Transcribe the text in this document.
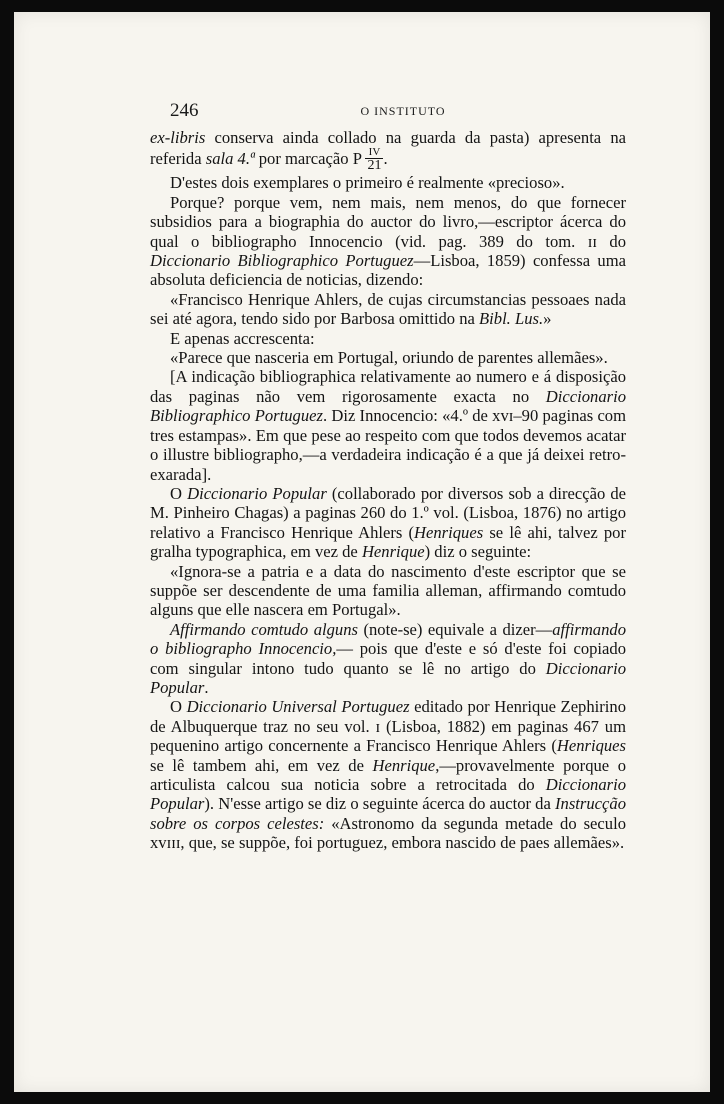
246	O INSTITUTO

ex-libris conserva ainda collado na guarda da pasta) apresenta na referida sala 4.ª por marcação P $\frac{IV}{21}$ .

D'estes dois exemplares o primeiro é realmente «precioso».

Porque? porque vem, nem mais, nem menos, do que fornecer subsidios para a biographia do auctor do livro,—escriptor ácerca do qual o bibliographo Innocencio (vid. pag. 389 do tom. ɪɪ do Diccionario Bibliographico Portuguez—Lisboa, 1859) confessa uma absoluta deficiencia de noticias, dizendo:

«Francisco Henrique Ahlers, de cujas circumstancias pessoaes nada sei até agora, tendo sido por Barbosa omittido na Bibl. Lus.»

E apenas accrescenta:

«Parece que nasceria em Portugal, oriundo de parentes allemães».

[A indicação bibliographica relativamente ao numero e á disposição das paginas não vem rigorosamente exacta no Diccionario Bibliographico Portuguez. Diz Innocencio: «4.º de xvɪ–90 paginas com tres estampas». Em que pese ao respeito com que todos devemos acatar o illustre bibliographo,—a verdadeira indicação é a que já deixei retro-exarada].

O Diccionario Popular (collaborado por diversos sob a direcção de M. Pinheiro Chagas) a paginas 260 do 1.º vol. (Lisboa, 1876) no artigo relativo a Francisco Henrique Ahlers (Henriques se lê ahi, talvez por gralha typographica, em vez de Henrique) diz o seguinte:

«Ignora-se a patria e a data do nascimento d'este escriptor que se suppõe ser descendente de uma familia alleman, affirmando comtudo alguns que elle nascera em Portugal».

Affirmando comtudo alguns (note-se) equivale a dizer—affirmando o bibliographo Innocencio,— pois que d'este e só d'este foi copiado com singular intono tudo quanto se lê no artigo do Diccionario Popular.

O Diccionario Universal Portuguez editado por Henrique Zephirino de Albuquerque traz no seu vol. ɪ (Lisboa, 1882) em paginas 467 um pequenino artigo concernente a Francisco Henrique Ahlers (Henriques se lê tambem ahi, em vez de Henrique,—provavelmente porque o articulista calcou sua noticia sobre a retrocitada do Diccionario Popular). N'esse artigo se diz o seguinte ácerca do auctor da Instrucção sobre os corpos celestes: «Astronomo da segunda metade do seculo xvɪɪɪ, que, se suppõe, foi portuguez, embora nascido de paes allemães».
